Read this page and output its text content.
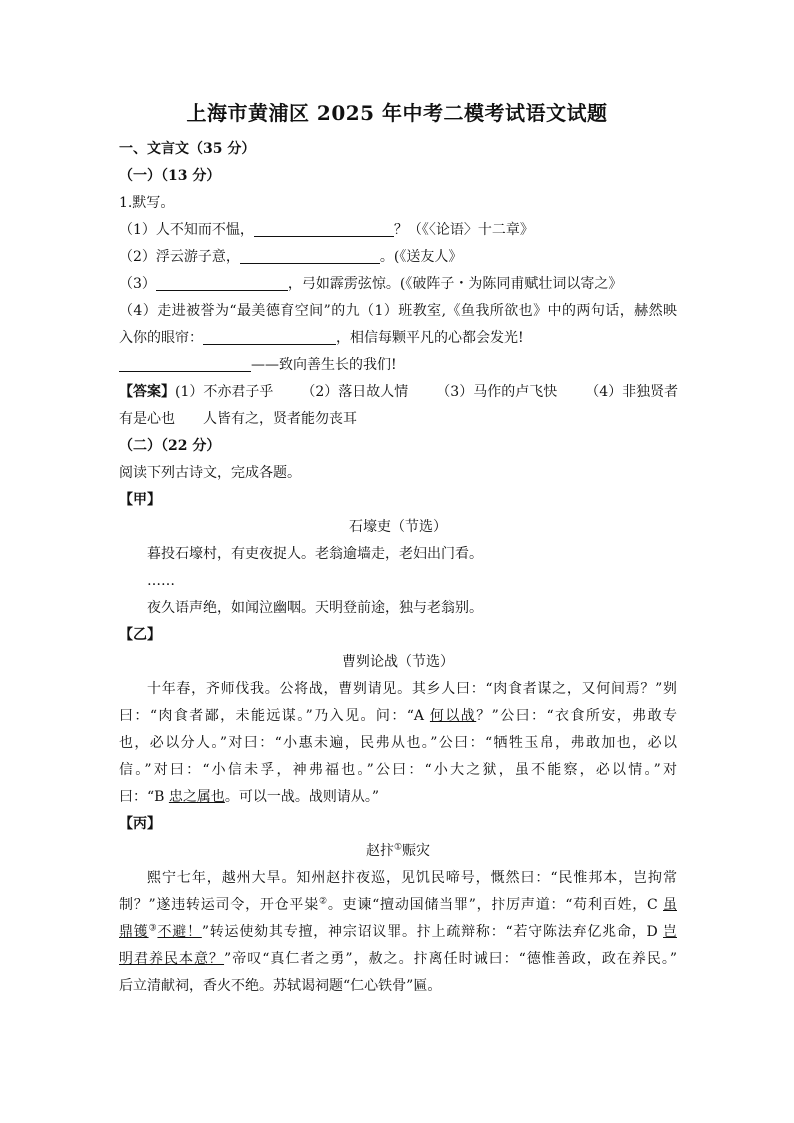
上海市黄浦区 2025 年中考二模考试语文试题
一、文言文（35 分）
（一）（13 分）
1.默写。
（1）人不知而不愠，	？（《〈论语〉十二章》
（2）浮云游子意，	。(《送友人》
（3）	，弓如霹雳弦惊。(《破阵子・为陈同甫赋壮词以寄之》
（4）走进被誉为“最美德育空间”的九（1）班教室,《鱼我所欲也》中的两句话，赫然映
入你的眼帘：	，相信每颗平凡的心都会发光!
——致向善生长的我们!
【答案】(1）不亦君子乎 （2）落日故人情 （3）马作的卢飞快 （4）非独贤者
有是心也 人皆有之，贤者能勿丧耳
（二）（22 分）
阅读下列古诗文，完成各题。
【甲】
石壕吏（节选）
暮投石壕村，有吏夜捉人。老翁逾墙走，老妇出门看。
……
夜久语声绝，如闻泣幽咽。天明登前途，独与老翁别。
【乙】
曹刿论战（节选）
十年春，齐师伐我。公将战，曹刿请见。其乡人曰：“肉食者谋之，又何间焉？”刿
曰：“肉食者鄙，未能远谋。”乃入见。问：“A 何以战？”公曰：“衣食所安，弗敢专
也，必以分人。”对曰：“小惠未遍，民弗从也。”公曰：“牺牲玉帛，弗敢加也，必以
信。”对曰：“小信未孚，神弗福也。”公曰：“小大之狱，虽不能察，必以情。”对
曰：“B 忠之属也。可以一战。战则请从。”
【丙】
赵抃①赈灾
熙宁七年，越州大旱。知州赵抃夜巡，见饥民啼号，慨然曰：“民惟邦本，岂拘常
制？”遂违转运司令，开仓平粜②。吏谏“擅动国储当罪”，抃厉声道：“苟利百姓，C 虽
鼎镬③不避！”转运使劾其专擅，神宗诏议罪。抃上疏辩称：“若守陈法弃亿兆命，D 岂
明君养民本意？”帝叹“真仁者之勇”，赦之。抃离任时诫曰：“德惟善政，政在养民。”
后立清献祠，香火不绝。苏轼谒祠题“仁心铁骨”匾。
